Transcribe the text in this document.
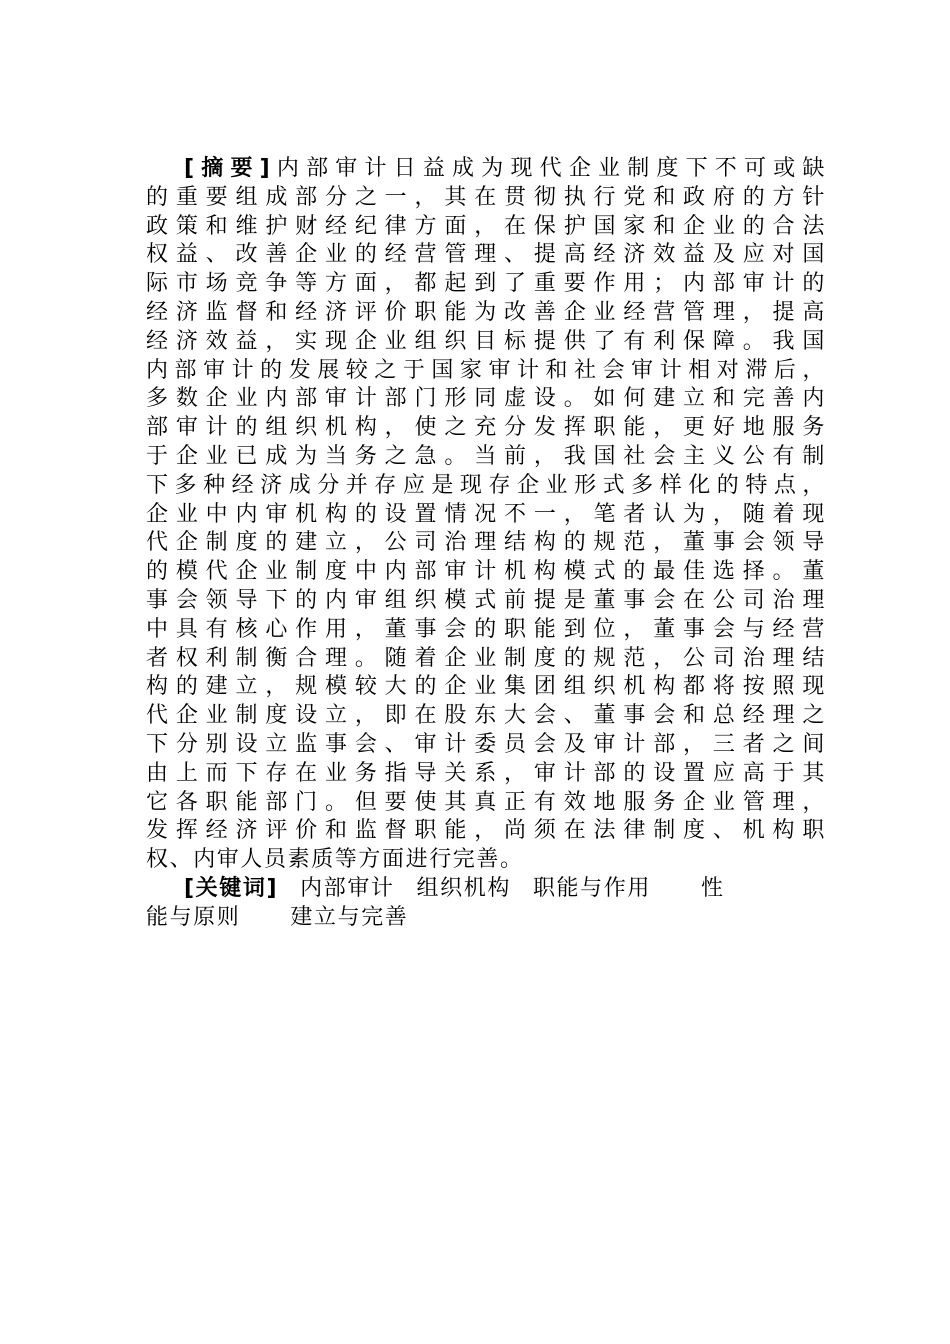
[摘要]内部审计日益成为现代企业制度下不可或缺
的重要组成部分之一，其在贯彻执行党和政府的方针
政策和维护财经纪律方面，在保护国家和企业的合法
权益、改善企业的经营管理、提高经济效益及应对国
际市场竞争等方面，都起到了重要作用；内部审计的
经济监督和经济评价职能为改善企业经营管理，提高
经济效益，实现企业组织目标提供了有利保障。我国
内部审计的发展较之于国家审计和社会审计相对滞后，
多数企业内部审计部门形同虚设。如何建立和完善内
部审计的组织机构，使之充分发挥职能，更好地服务
于企业已成为当务之急。当前，我国社会主义公有制
下多种经济成分并存应是现存企业形式多样化的特点，
企业中内审机构的设置情况不一，笔者认为，随着现
代企制度的建立，公司治理结构的规范，董事会领导
的模代企业制度中内部审计机构模式的最佳选择。董
事会领导下的内审组织模式前提是董事会在公司治理
中具有核心作用，董事会的职能到位，董事会与经营
者权利制衡合理。随着企业制度的规范，公司治理结
构的建立，规模较大的企业集团组织机构都将按照现
代企业制度设立，即在股东大会、董事会和总经理之
下分别设立监事会、审计委员会及审计部，三者之间
由上而下存在业务指导关系，审计部的设置应高于其
它各职能部门。但要使其真正有效地服务企业管理，
发挥经济评价和监督职能，尚须在法律制度、机构职
权、内审人员素质等方面进行完善。
[关键词] 内部审计 组织机构 职能与作用 性
能与原则 建立与完善
